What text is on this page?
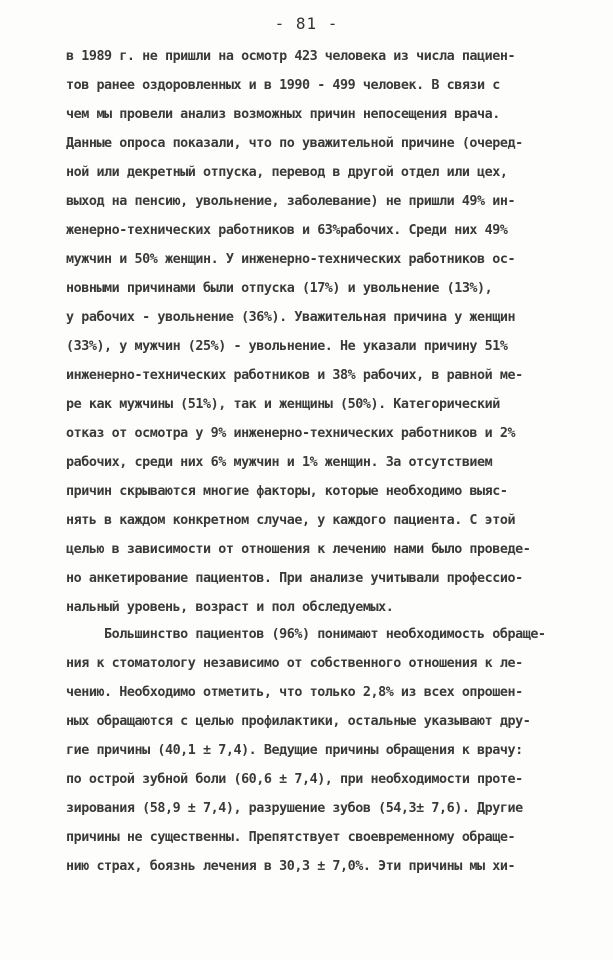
- 81 -
в 1989 г. не пришли на осмотр 423 человека из числа пациен-
тов ранее оздоровленных и в 1990 - 499 человек. В связи с
чем мы провели анализ возможных причин непосещения врача.
Данные опроса показали, что по уважительной причине (очеред-
ной или декретный отпуска, перевод в другой отдел или цех,
выход на пенсию, увольнение, заболевание) не пришли 49% ин-
женерно-технических работников и 63%рабочих. Среди них 49%
мужчин и 50% женщин. У инженерно-технических работников ос-
новными причинами были отпуска (17%) и увольнение (13%),
у рабочих - увольнение (36%). Уважительная причина у женщин
(33%), у мужчин (25%) - увольнение. Не указали причину 51%
инженерно-технических работников и 38% рабочих, в равной ме-
ре как мужчины (51%), так и женщины (50%). Категорический
отказ от осмотра у 9% инженерно-технических работников и 2%
рабочих, среди них 6% мужчин и 1% женщин. За отсутствием
причин скрываются многие факторы, которые необходимо выяс-
нять в каждом конкретном случае, у каждого пациента. С этой
целью в зависимости от отношения к лечению нами было проведе-
но анкетирование пациентов. При анализе учитывали профессио-
нальный уровень, возраст и пол обследуемых.
Большинство пациентов (96%) понимают необходимость обраще-
ния к стоматологу независимо от собственного отношения к ле-
чению. Необходимо отметить, что только 2,8% из всех опрошен-
ных обращаются с целью профилактики, остальные указывают дру-
гие причины (40,1 ± 7,4). Ведущие причины обращения к врачу:
по острой зубной боли (60,6 ± 7,4), при необходимости проте-
зирования (58,9 ± 7,4), разрушение зубов (54,3± 7,6). Другие
причины не существенны. Препятствует своевременному обраще-
нию страх, боязнь лечения в 30,3 ± 7,0%. Эти причины мы хи-
